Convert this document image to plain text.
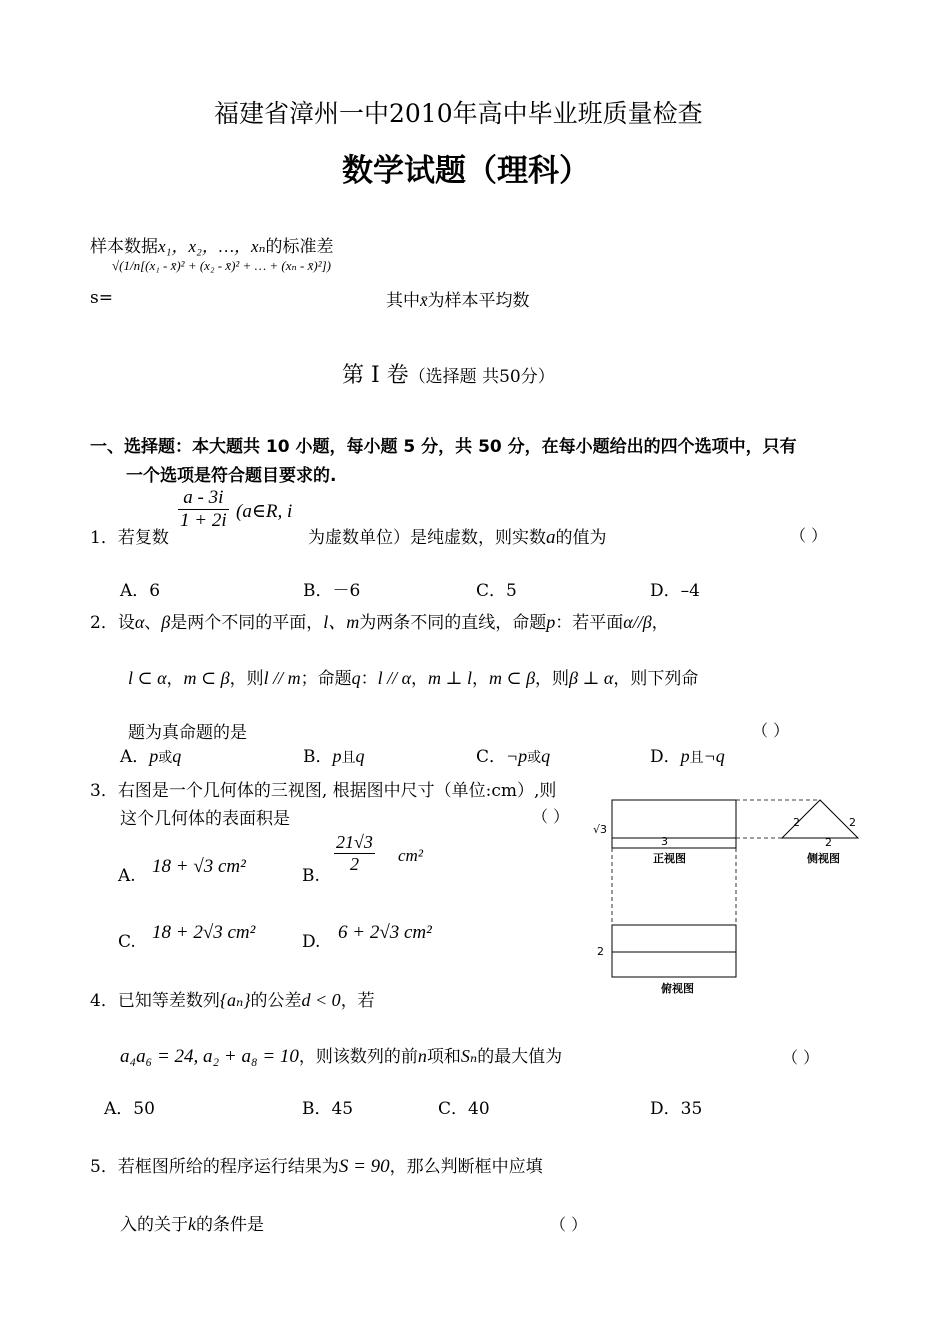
福建省漳州一中2010年高中毕业班质量检查
数学试题（理科）
样本数据x₁，x₂，…，xₙ的标准差
s=
√(1/n[(x₁ - x̄)² + (x₂ - x̄)² + … + (xₙ - x̄)²])
其中x̄为样本平均数
第 Ⅰ 卷（选择题 共50分）
一、选择题：本大题共 10 小题，每小题 5 分，共 50 分，在每小题给出的四个选项中，只有
一个选项是符合题目要求的.
1．若复数
$\frac{a - 3i}{1 + 2i}$ (a∈R, i
为虚数单位）是纯虚数，则实数a的值为	（ ）
A．6	B．－6	C．5	D．–4
2．设α、β是两个不同的平面，l、m为两条不同的直线，命题p：若平面α//β，
l ⊂ α，m ⊂ β，则l // m；命题q：l // α，m ⊥ l，m ⊂ β，则β ⊥ α，则下列命
题为真命题的是	（ ）
A．p或q	B．p且q	C．¬p或q	D．p且¬q
3．右图是一个几何体的三视图, 根据图中尺寸（单位:cm）,则
这个几何体的表面积是	（ ）
A. 18 + √3 cm²	B.
$\frac{21√3}{2} cm^2$
C. 18 + 2√3 cm²	D. 6 + 2√3 cm²
√3
3
正视图
2	2
2
侧视图
2
俯视图
4．已知等差数列{aₙ}的公差d < 0，若
a₄a₆ = 24, a₂ + a₈ = 10，则该数列的前n项和Sₙ的最大值为	（ ）
A．50	B．45	C．40	D．35
5．若框图所给的程序运行结果为S = 90，那么判断框中应填
入的关于k的条件是	（ ）
